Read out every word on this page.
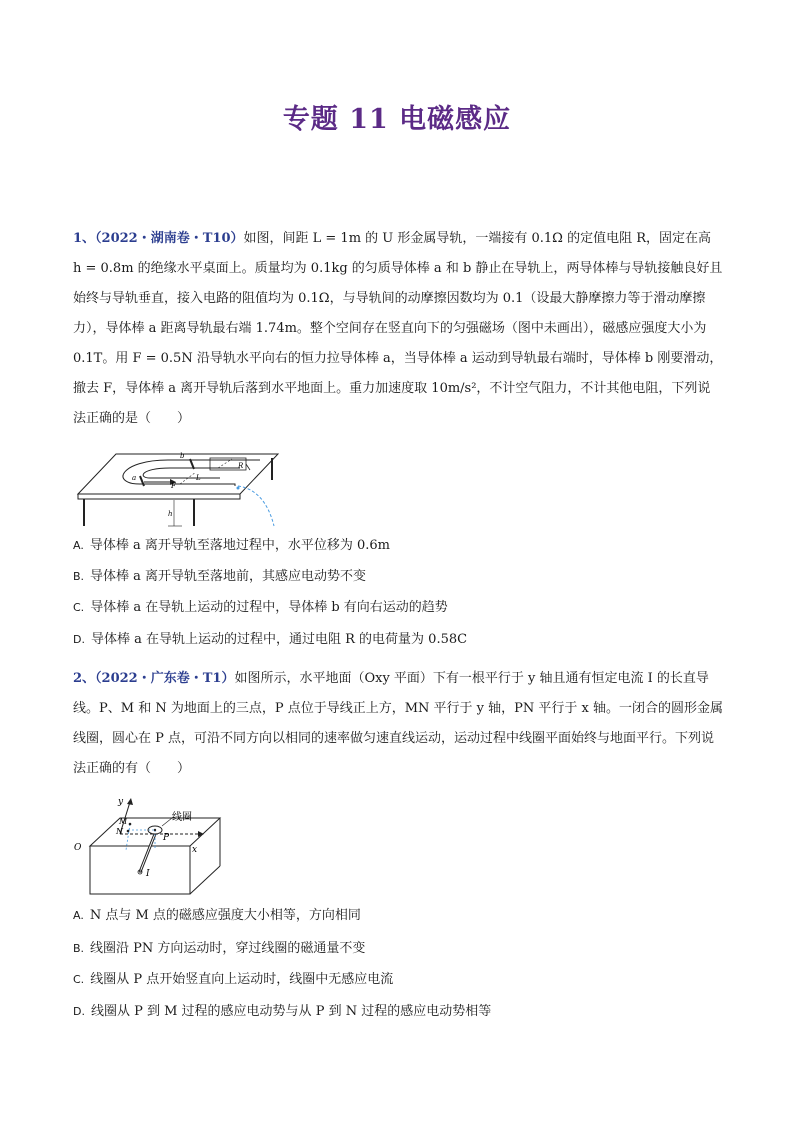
专题 11 电磁感应
1、（2022・湖南卷・T10）如图，间距 L = 1m 的 U 形金属导轨，一端接有 0.1Ω 的定值电阻 R，固定在高 h = 0.8m 的绝缘水平桌面上。质量均为 0.1kg 的匀质导体棒 a 和 b 静止在导轨上，两导体棒与导轨接触良好且始终与导轨垂直，接入电路的阻值均为 0.1Ω，与导轨间的动摩擦因数均为 0.1（设最大静摩擦力等于滑动摩擦力），导体棒 a 距离导轨最右端 1.74m。整个空间存在竖直向下的匀强磁场（图中未画出），磁感应强度大小为 0.1T。用 F = 0.5N 沿导轨水平向右的恒力拉导体棒 a，当导体棒 a 运动到导轨最右端时，导体棒 b 刚要滑动，撤去 F，导体棒 a 离开导轨后落到水平地面上。重力加速度取 10m/s²，不计空气阻力，不计其他电阻，下列说法正确的是（　　）
a
b
F
L
R
h
A. 导体棒 a 离开导轨至落地过程中，水平位移为 0.6m
B. 导体棒 a 离开导轨至落地前，其感应电动势不变
C. 导体棒 a 在导轨上运动的过程中，导体棒 b 有向右运动的趋势
D. 导体棒 a 在导轨上运动的过程中，通过电阻 R 的电荷量为 0.58C
2、（2022・广东卷・T1）如图所示，水平地面（Oxy 平面）下有一根平行于 y 轴且通有恒定电流 I 的长直导线。P、M 和 N 为地面上的三点，P 点位于导线正上方，MN 平行于 y 轴，PN 平行于 x 轴。一闭合的圆形金属线圈，圆心在 P 点，可沿不同方向以相同的速率做匀速直线运动，运动过程中线圈平面始终与地面平行。下列说法正确的有（　　）
y
x
O
M
N
P
I
线圈
A. N 点与 M 点的磁感应强度大小相等，方向相同
B. 线圈沿 PN 方向运动时，穿过线圈的磁通量不变
C. 线圈从 P 点开始竖直向上运动时，线圈中无感应电流
D. 线圈从 P 到 M 过程的感应电动势与从 P 到 N 过程的感应电动势相等
